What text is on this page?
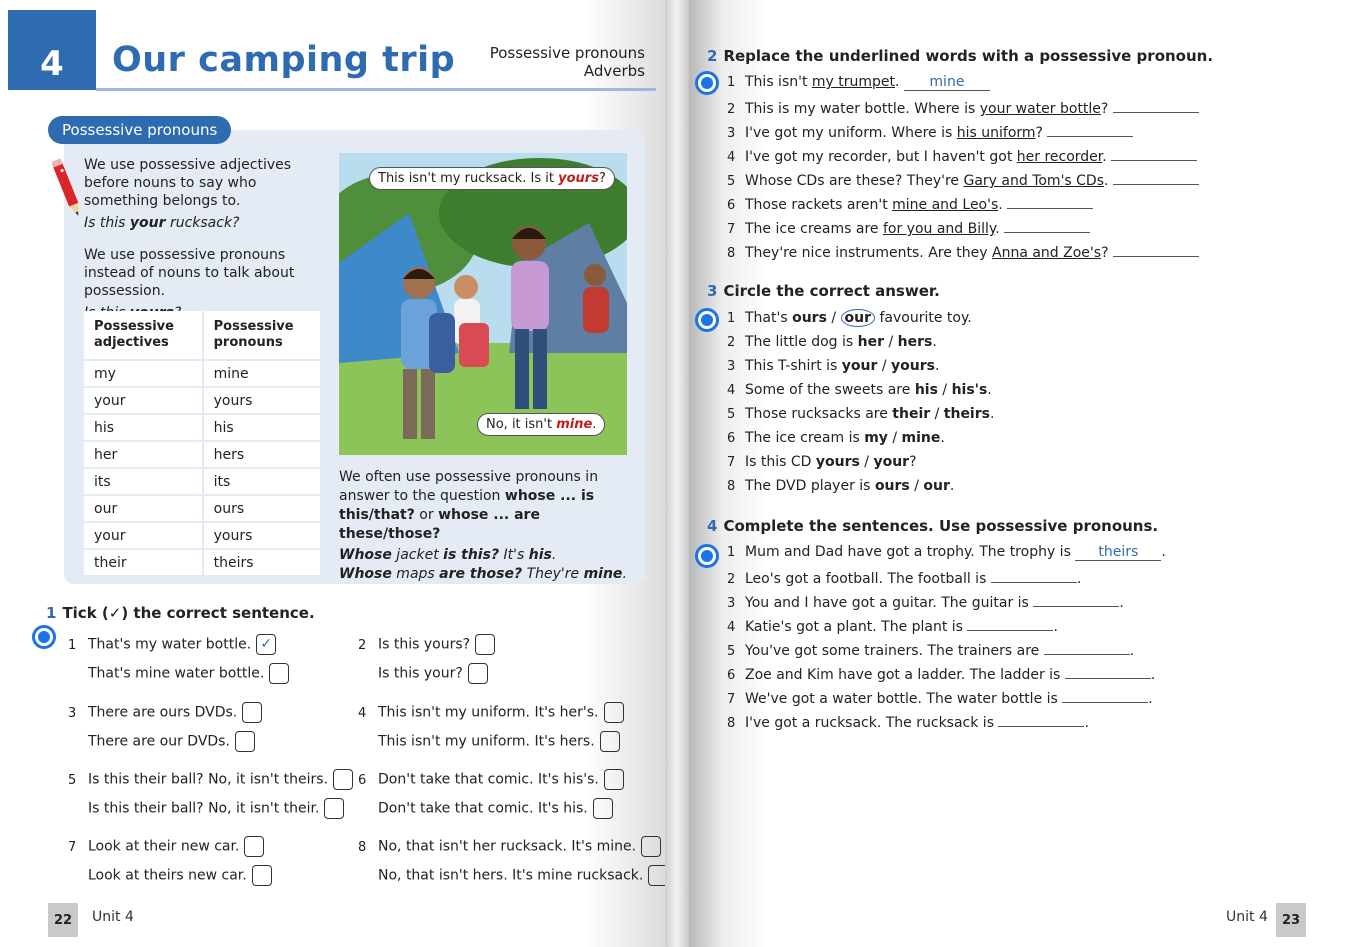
4 Our camping trip Possessive pronouns
Adverbs
Possessive pronouns

We use possessive adjectives before nouns to say who something belongs to.

Is this your rucksack?

We use possessive pronouns instead of nouns to talk about possession.

Possessive adjectives	Possessive pronouns
my	mine
your	yours
his	his
her	hers
its	its
our	ours
your	yours
their	theirs
This isn't my rucksack. Is it yours?
No, it isn't mine.
We often use possessive pronouns in answer to the question whose ... is this/that? or whose ... are these/those?
Whose jacket is this? It's his.
Whose maps are those? They're mine.
1 Tick (✓) the correct sentence.
1 That's my water bottle. ✓
That's mine water bottle.
2 Is this yours?
Is this your?
3 There are ours DVDs.
There are our DVDs.
4 This isn't my uniform. It's her's.
This isn't my uniform. It's hers.
5 Is this their ball? No, it isn't theirs.
Is this their ball? No, it isn't their.
6 Don't take that comic. It's his's.
Don't take that comic. It's his.
7 Look at their new car.
Look at theirs new car.
8 No, that isn't her rucksack. It's mine.
No, that isn't hers. It's mine rucksack.
22	Unit 4
2 Replace the underlined words with a possessive pronoun.
1 This isn't my trumpet. mine
2 This is my water bottle. Where is your water bottle?
3 I've got my uniform. Where is his uniform?
4 I've got my recorder, but I haven't got her recorder.
5 Whose CDs are these? They're Gary and Tom's CDs.
6 Those rackets aren't mine and Leo's.
7 The ice creams are for you and Billy.
8 They're nice instruments. Are they Anna and Zoe's?
3 Circle the correct answer.
1 That's ours / our favourite toy.
2 The little dog is her / hers.
3 This T-shirt is your / yours.
4 Some of the sweets are his / his's.
5 Those rucksacks are their / theirs.
6 The ice cream is my / mine.
7 Is this CD yours / your?
8 The DVD player is ours / our.
4 Complete the sentences. Use possessive pronouns.
1 Mum and Dad have got a trophy. The trophy is theirs .
2 Leo's got a football. The football is	.
3 You and I have got a guitar. The guitar is	.
4 Katie's got a plant. The plant is	.
5 You've got some trainers. The trainers are	.
6 Zoe and Kim have got a ladder. The ladder is	.
7 We've got a water bottle. The water bottle is	.
8 I've got a rucksack. The rucksack is	.
Unit 4	23
